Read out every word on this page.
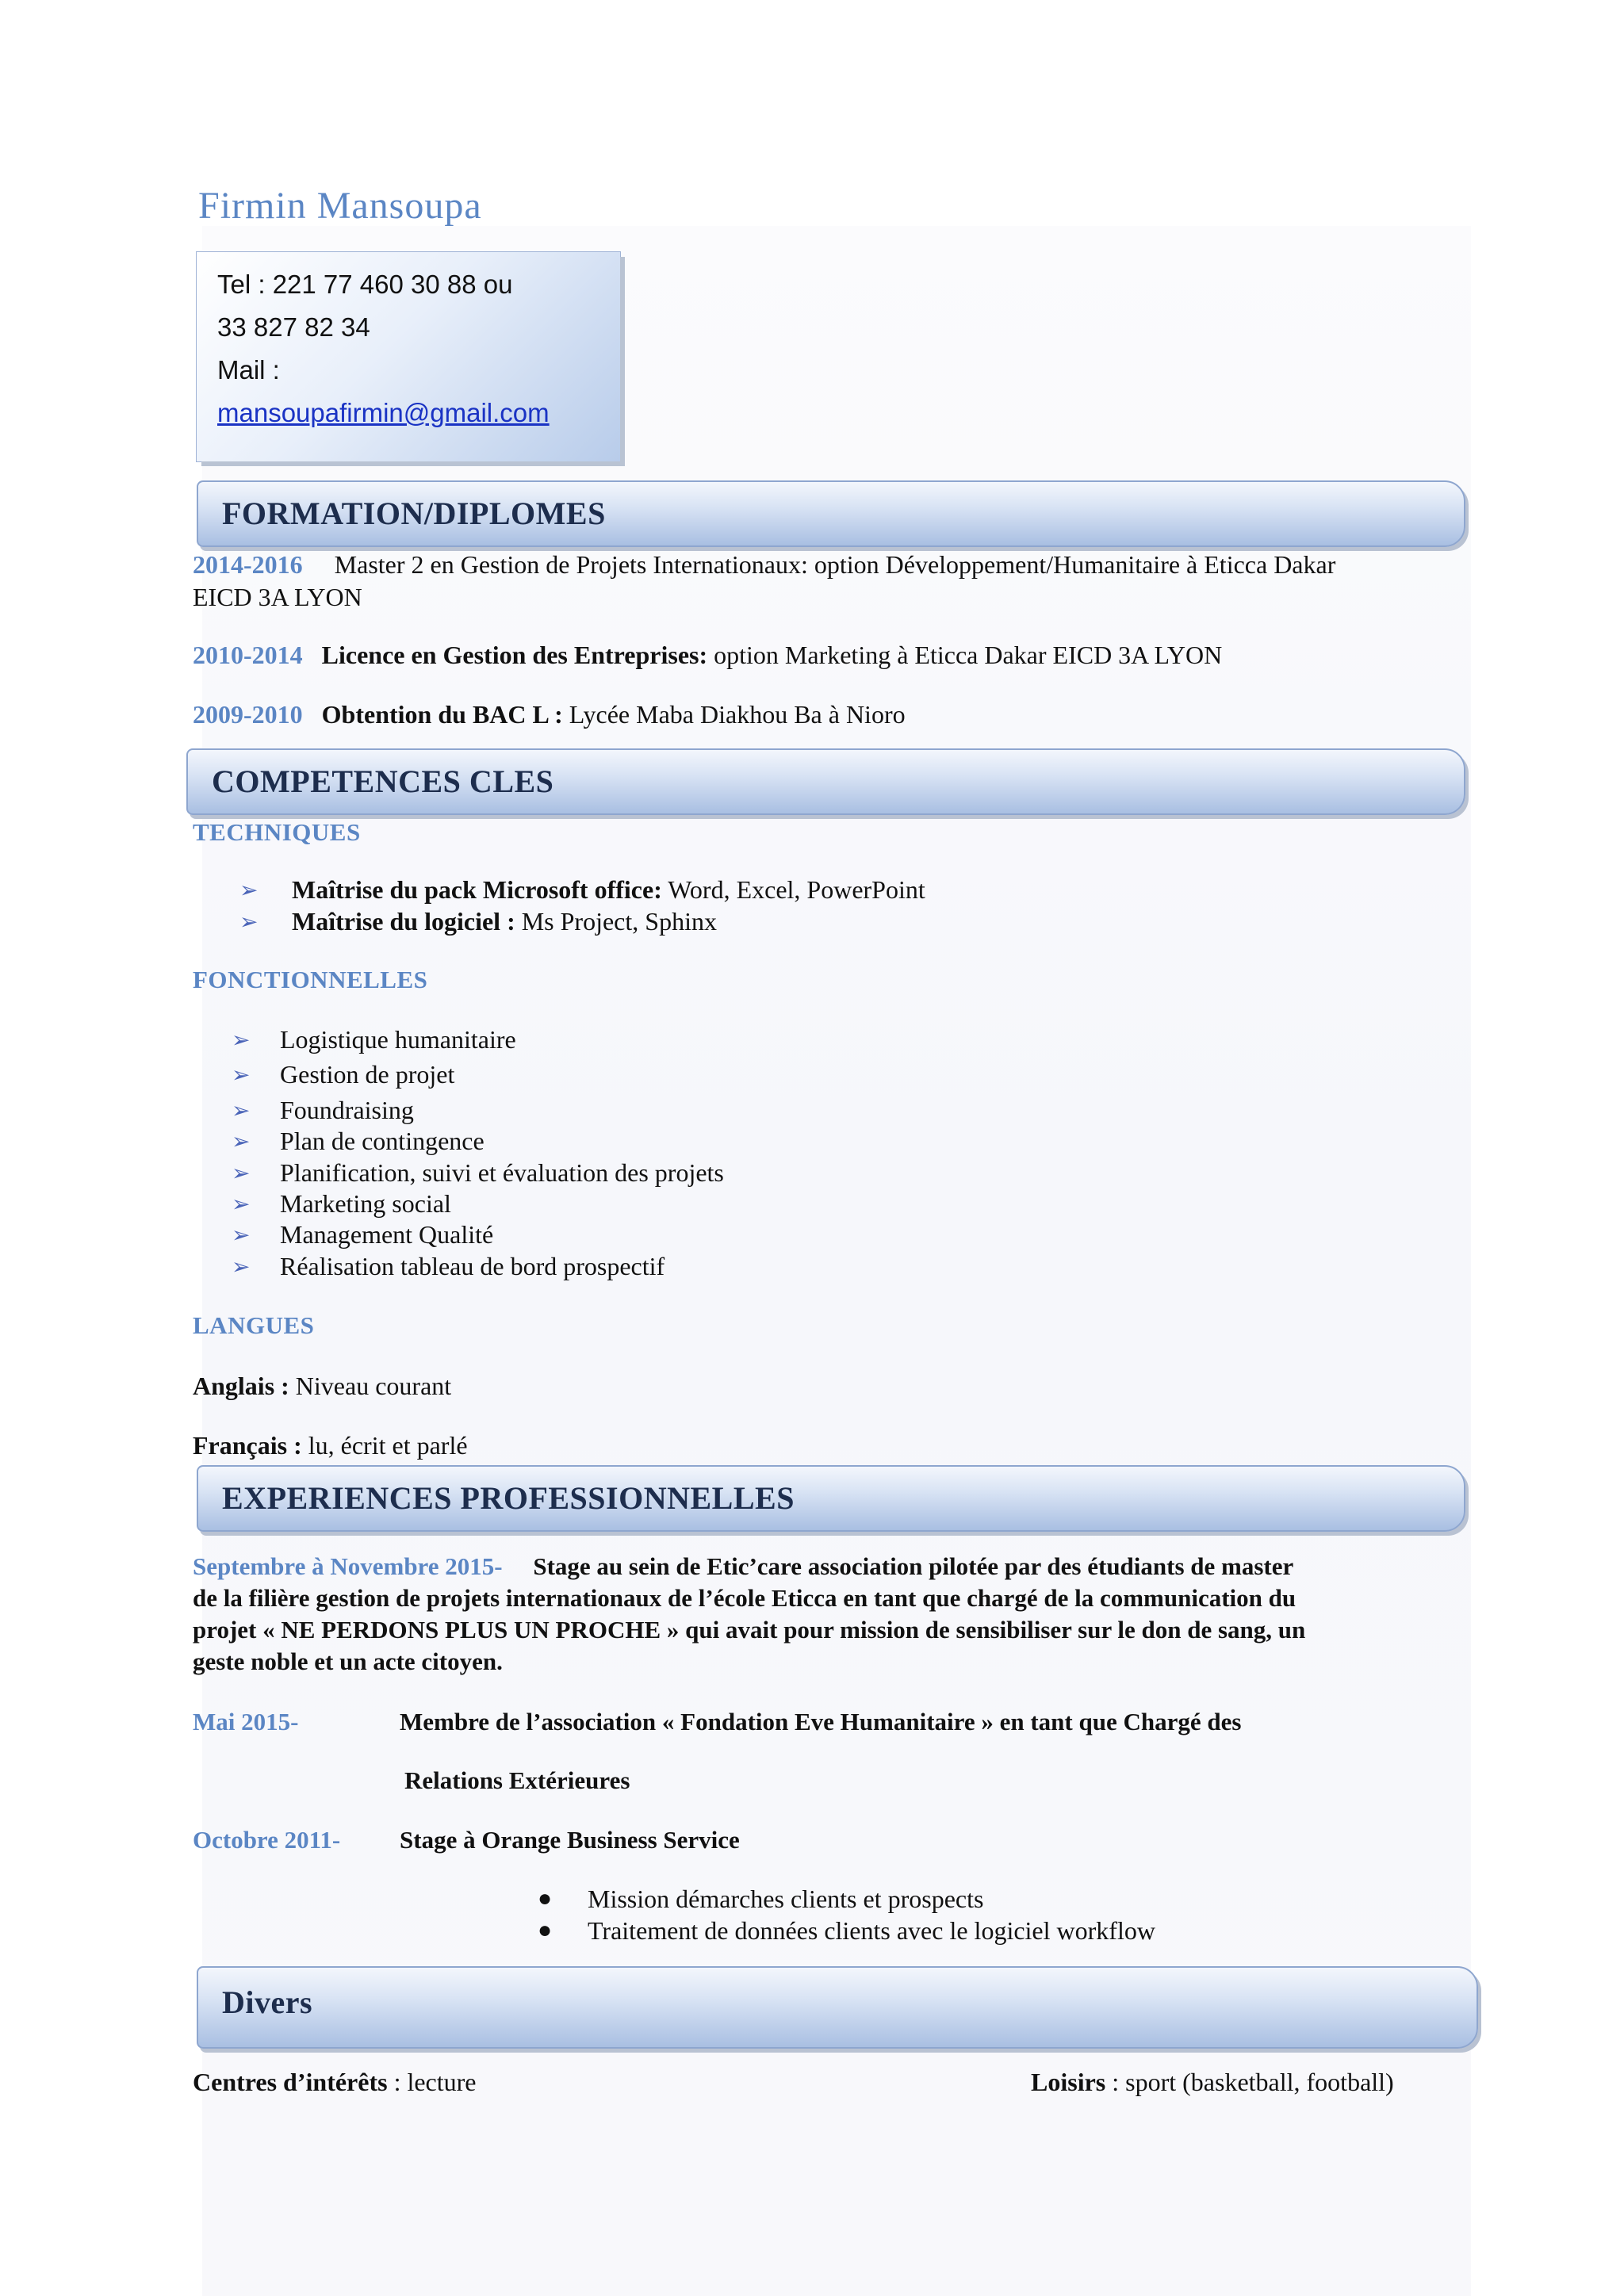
Firmin Mansoupa
Tel : 221 77 460 30 88 ou
33 827 82 34
Mail :
mansoupafirmin@gmail.com
FORMATION/DIPLOMES
2014-2016 Master 2 en Gestion de Projets Internationaux: option Développement/Humanitaire à Eticca Dakar
EICD 3A LYON
2010-2014 Licence en Gestion des Entreprises: option Marketing à Eticca Dakar EICD 3A LYON
2009-2010 Obtention du BAC L : Lycée Maba Diakhou Ba à Nioro
COMPETENCES CLES
TECHNIQUES
➢ Maîtrise du pack Microsoft office: Word, Excel, PowerPoint
➢ Maîtrise du logiciel : Ms Project, Sphinx
FONCTIONNELLES
➢ Logistique humanitaire
➢ Gestion de projet
➢ Foundraising
➢ Plan de contingence
➢ Planification, suivi et évaluation des projets
➢ Marketing social
➢ Management Qualité
➢ Réalisation tableau de bord prospectif
LANGUES
Anglais : Niveau courant
Français : lu, écrit et parlé
EXPERIENCES PROFESSIONNELLES
Septembre à Novembre 2015- Stage au sein de Etic’care association pilotée par des étudiants de master
de la filière gestion de projets internationaux de l’école Eticca en tant que chargé de la communication du
projet « NE PERDONS PLUS UN PROCHE » qui avait pour mission de sensibiliser sur le don de sang, un
geste noble et un acte citoyen.
Mai 2015-	Membre de l’association « Fondation Eve Humanitaire » en tant que Chargé des
Relations Extérieures
Octobre 2011- Stage à Orange Business Service
● Mission démarches clients et prospects
● Traitement de données clients avec le logiciel workflow
Divers
Centres d’intérêts : lecture	Loisirs : sport (basketball, football)
